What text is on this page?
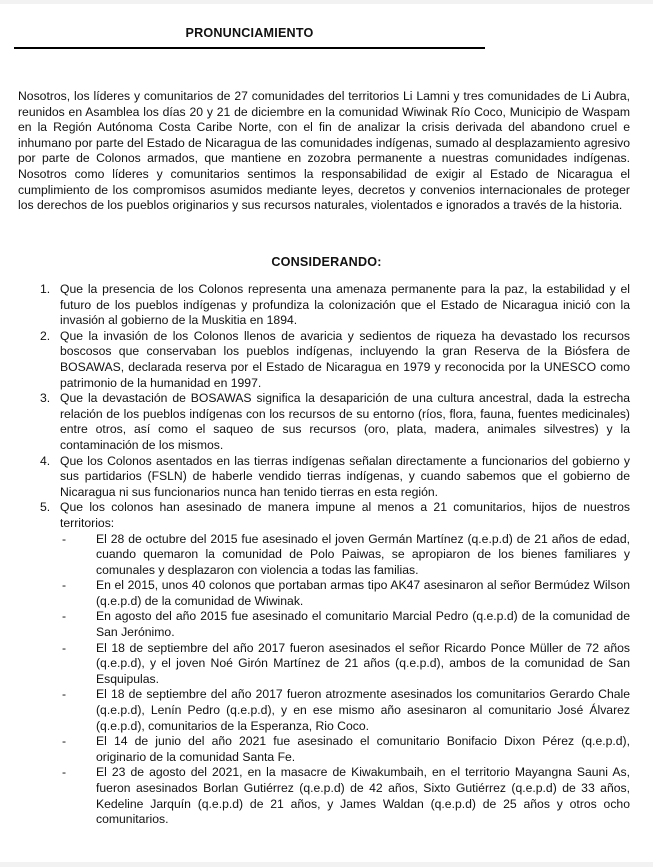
PRONUNCIAMIENTO

Nosotros, los líderes y comunitarios de 27 comunidades del territorios Li Lamni y tres comunidades de Li Aubra, reunidos en Asamblea los días 20 y 21 de diciembre en la comunidad Wiwinak Río Coco, Municipio de Waspam en la Región Autónoma Costa Caribe Norte, con el fin de analizar la crisis derivada del abandono cruel e inhumano por parte del Estado de Nicaragua de las comunidades indígenas, sumado al desplazamiento agresivo por parte de Colonos armados, que mantiene en zozobra permanente a nuestras comunidades indígenas. Nosotros como líderes y comunitarios sentimos la responsabilidad de exigir al Estado de Nicaragua el cumplimiento de los compromisos asumidos mediante leyes, decretos y convenios internacionales de proteger los derechos de los pueblos originarios y sus recursos naturales, violentados e ignorados a través de la historia.

CONSIDERANDO:
1. Que la presencia de los Colonos representa una amenaza permanente para la paz, la estabilidad y el futuro de los pueblos indígenas y profundiza la colonización que el Estado de Nicaragua inició con la invasión al gobierno de la Muskitia en 1894.
2. Que la invasión de los Colonos llenos de avaricia y sedientos de riqueza ha devastado los recursos boscosos que conservaban los pueblos indígenas, incluyendo la gran Reserva de la Biósfera de BOSAWAS, declarada reserva por el Estado de Nicaragua en 1979 y reconocida por la UNESCO como patrimonio de la humanidad en 1997.
3. Que la devastación de BOSAWAS significa la desaparición de una cultura ancestral, dada la estrecha relación de los pueblos indígenas con los recursos de su entorno (ríos, flora, fauna, fuentes medicinales) entre otros, así como el saqueo de sus recursos (oro, plata, madera, animales silvestres) y la contaminación de los mismos.
4. Que los Colonos asentados en las tierras indígenas señalan directamente a funcionarios del gobierno y sus partidarios (FSLN) de haberle vendido tierras indígenas, y cuando sabemos que el gobierno de Nicaragua ni sus funcionarios nunca han tenido tierras en esta región.
5. Que los colonos han asesinado de manera impune al menos a 21 comunitarios, hijos de nuestros territorios:
- El 28 de octubre del 2015 fue asesinado el joven Germán Martínez (q.e.p.d) de 21 años de edad, cuando quemaron la comunidad de Polo Paiwas, se apropiaron de los bienes familiares y comunales y desplazaron con violencia a todas las familias.
- En el 2015, unos 40 colonos que portaban armas tipo AK47 asesinaron al señor Bermúdez Wilson (q.e.p.d) de la comunidad de Wiwinak.
- En agosto del año 2015 fue asesinado el comunitario Marcial Pedro (q.e.p.d) de la comunidad de San Jerónimo.
- El 18 de septiembre del año 2017 fueron asesinados el señor Ricardo Ponce Müller de 72 años (q.e.p.d), y el joven Noé Girón Martínez de 21 años (q.e.p.d), ambos de la comunidad de San Esquipulas.
- El 18 de septiembre del año 2017 fueron atrozmente asesinados los comunitarios Gerardo Chale (q.e.p.d), Lenín Pedro (q.e.p.d), y en ese mismo año asesinaron al comunitario José Álvarez (q.e.p.d), comunitarios de la Esperanza, Rio Coco.
- El 14 de junio del año 2021 fue asesinado el comunitario Bonifacio Dixon Pérez (q.e.p.d), originario de la comunidad Santa Fe.
- El 23 de agosto del 2021, en la masacre de Kiwakumbaih, en el territorio Mayangna Sauni As, fueron asesinados Borlan Gutiérrez (q.e.p.d) de 42 años, Sixto Gutiérrez (q.e.p.d) de 33 años, Kedeline Jarquín (q.e.p.d) de 21 años, y James Waldan (q.e.p.d) de 25 años y otros ocho comunitarios.
